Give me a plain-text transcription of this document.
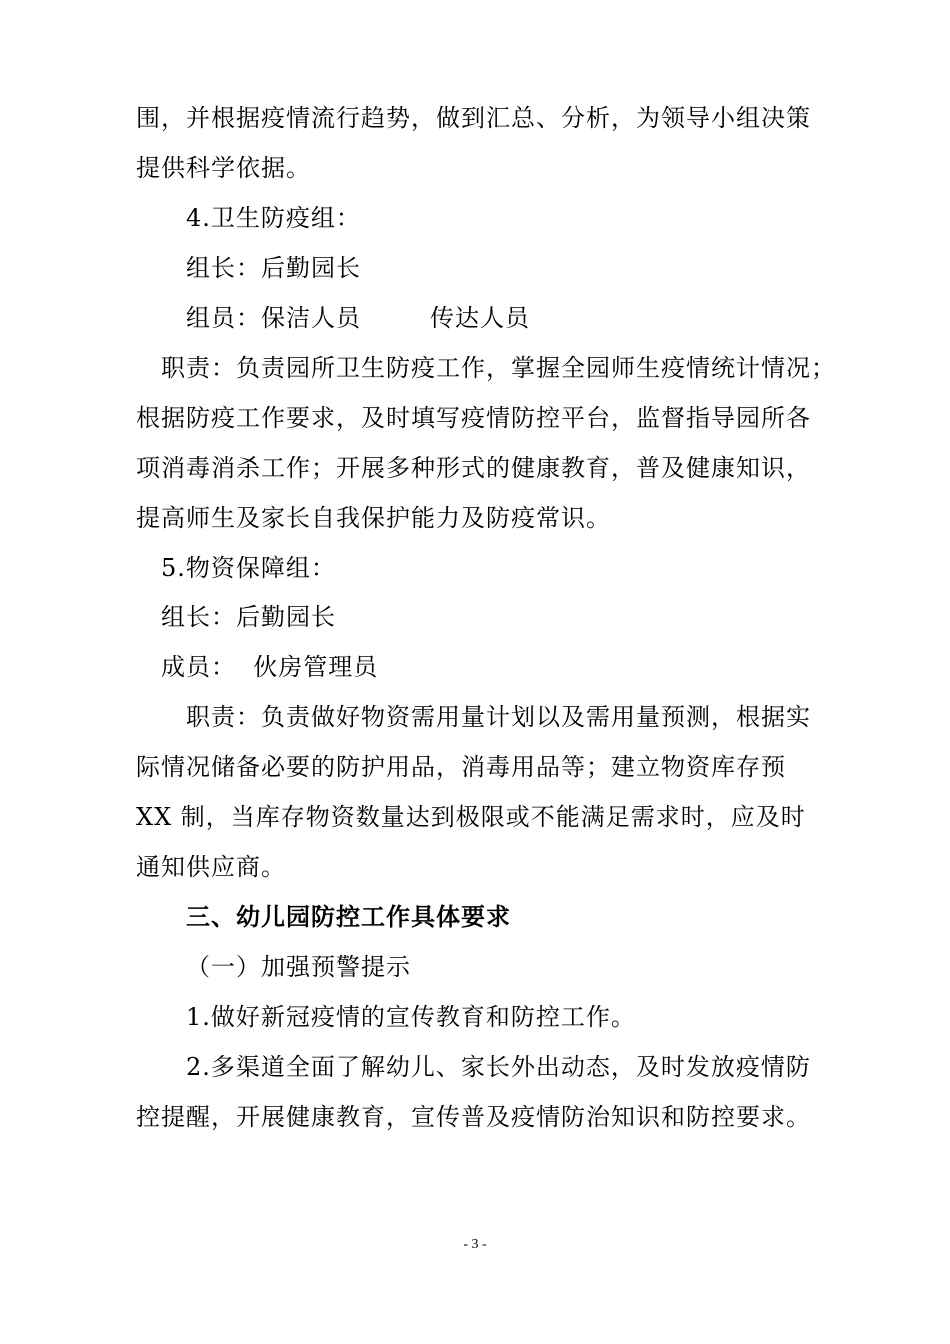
围，并根据疫情流行趋势，做到汇总、分析，为领导小组决策
提供科学依据。
4.卫生防疫组：
组长：后勤园长
组员：保洁人员        传达人员
职责：负责园所卫生防疫工作，掌握全园师生疫情统计情况；
根据防疫工作要求，及时填写疫情防控平台，监督指导园所各
项消毒消杀工作；开展多种形式的健康教育，普及健康知识，
提高师生及家长自我保护能力及防疫常识。
5.物资保障组：
组长：后勤园长
成员：  伙房管理员
职责：负责做好物资需用量计划以及需用量预测，根据实
际情况储备必要的防护用品，消毒用品等；建立物资库存预
XX 制，当库存物资数量达到极限或不能满足需求时，应及时
通知供应商。
三、幼儿园防控工作具体要求
（一）加强预警提示
1.做好新冠疫情的宣传教育和防控工作。
2.多渠道全面了解幼儿、家长外出动态，及时发放疫情防
控提醒，开展健康教育，宣传普及疫情防治知识和防控要求。
- 3 -
